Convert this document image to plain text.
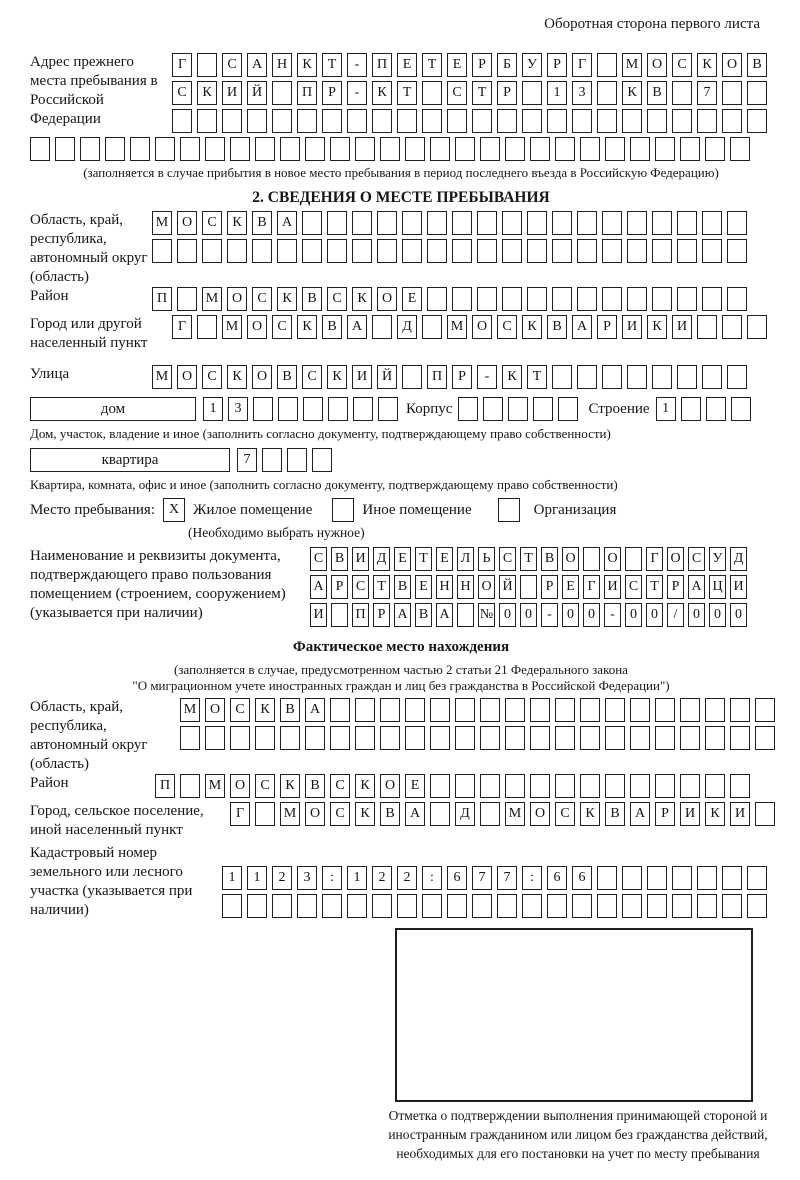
Оборотная сторона первого листа
Адрес прежнего места пребывания в Российской Федерации
Г	С	А	Н	К	Т	-	П	Е	Т	Е	Р	Б	У	Р	Г	М О	С	К	О	В
С	К	И	Й	П	Р	-	К	Т	С	Т	Р	1	3	К	В	7
(заполняется в случае прибытия в новое место пребывания в период последнего въезда в Российскую Федерацию)
2. СВЕДЕНИЯ О МЕСТЕ ПРЕБЫВАНИЯ
Область, край, республика, автономный округ (область)
М О	С	К	В	А
Район	П	М О	С	К	В	С	К	О	Е
Город или другой населенный пункт
Г	М О	С	К	В	А	Д	М О	С	К	В	А	Р	И	К	И
Улица	М О	С	К	О	В	С	К	И	Й	П	Р	-	К	Т
дом	1	3	Корпус	Строение 1
Дом, участок, владение и иное (заполнить согласно документу, подтверждающему право собственности)
квартира	7
Квартира, комната, офис и иное (заполнить согласно документу, подтверждающему право собственности)
Место пребывания: X Жилое помещение	Иное помещение	Организация
(Необходимо выбрать нужное)
Наименование и реквизиты документа, подтверждающего право пользования помещением (строением, сооружением) (указывается при наличии)
С В И Д Е Т Е Л Ь С Т В О О	Г О С У Д
А Р С Т В Е Н Н О Й	Р Е Г И С Т Р А Ц И
И П Р А В А № 0	0	-	0	0	-	0	0	/	0	0	0
Фактическое место нахождения
(заполняется в случае, предусмотренном частью 2 статьи 21 Федерального закона
"О миграционном учете иностранных граждан и лиц без гражданства в Российской Федерации")
Область, край, республика, автономный округ (область)
М О	С	К	В	А
Район	П	М О	С	К	В	С	К	О	Е
Город, сельское поселение, иной населенный пункт
Г	М О	С	К	В	А	Д	М О	С	К	В	А	Р	И	К	И
Кадастровый номер земельного или лесного участка (указывается при наличии)
1	1	2	3	:	1	2	2	:	6	7	7	:	6	6
Отметка о подтверждении выполнения принимающей стороной и иностранным гражданином или лицом без гражданства действий, необходимых для его постановки на учет по месту пребывания
